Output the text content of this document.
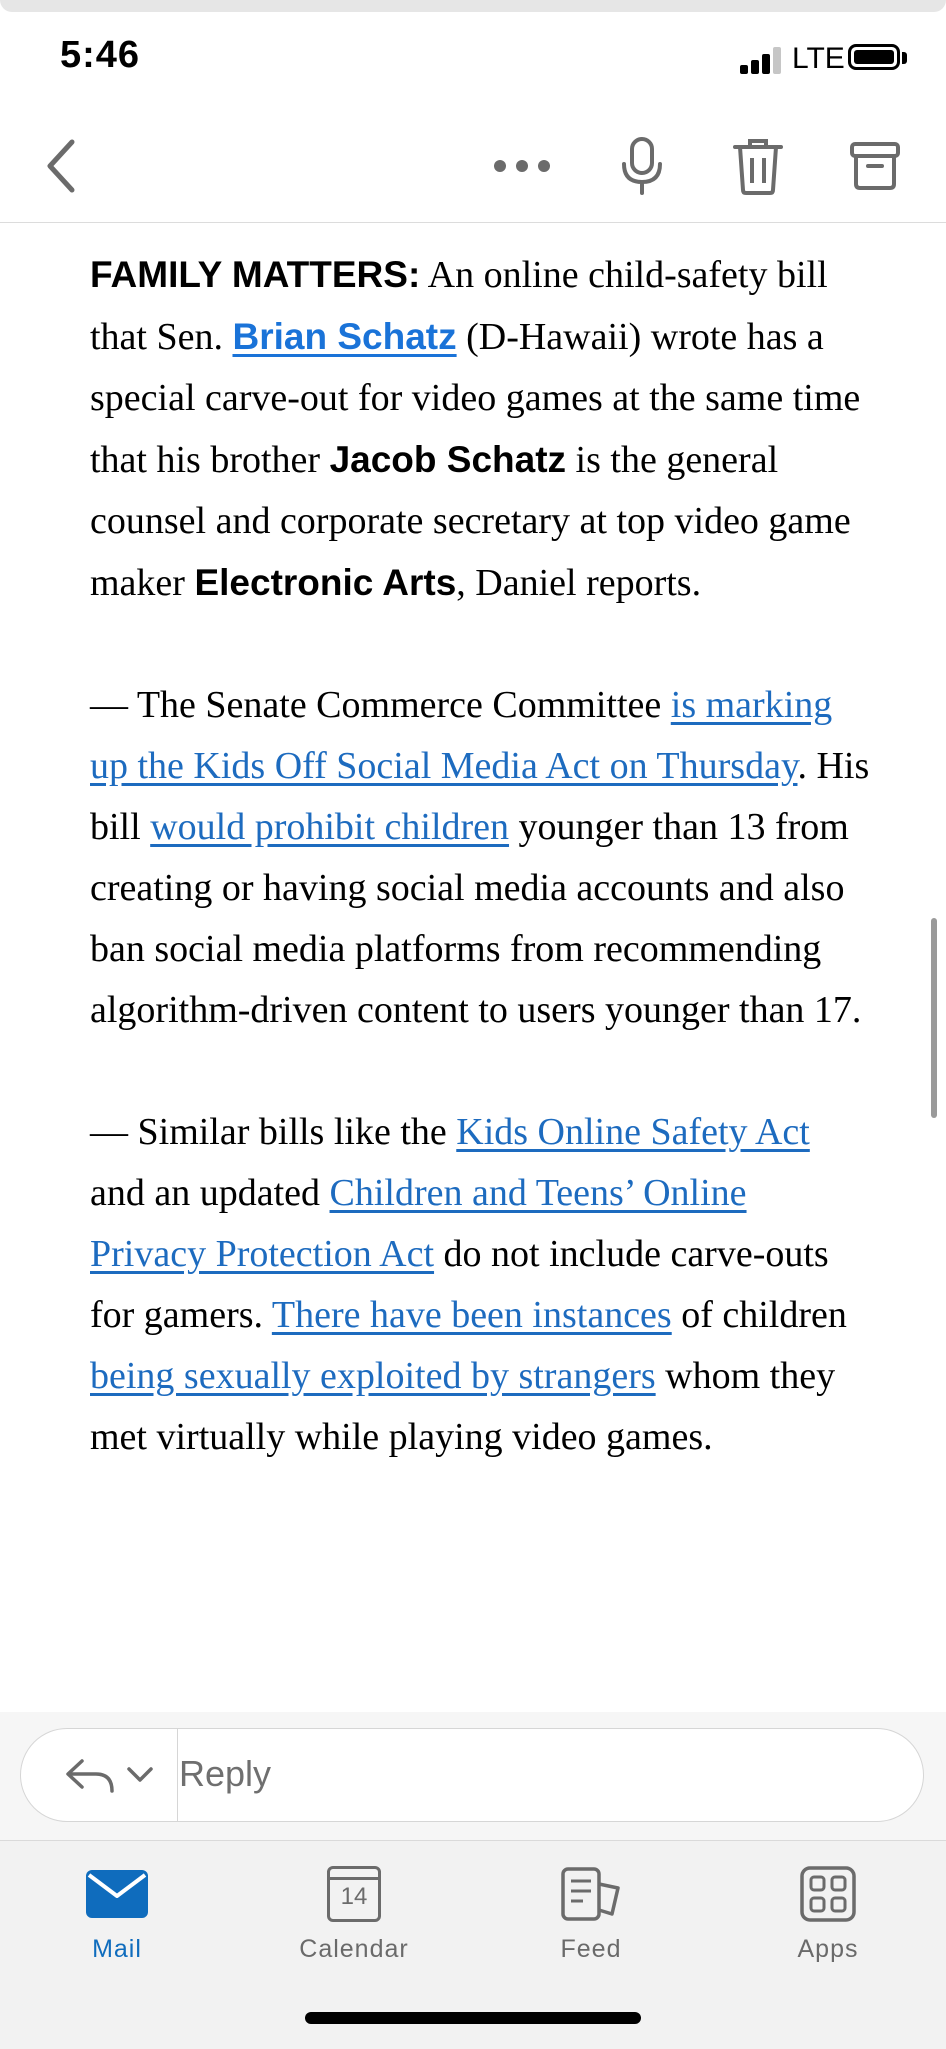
5:46	LTE

FAMILY MATTERS: An online child-safety bill that Sen. Brian Schatz (D-Hawaii) wrote has a special carve-out for video games at the same time that his brother Jacob Schatz is the general counsel and corporate secretary at top video game maker Electronic Arts, Daniel reports.

— The Senate Commerce Committee is marking up the Kids Off Social Media Act on Thursday. His bill would prohibit children younger than 13 from creating or having social media accounts and also ban social media platforms from recommending algorithm-driven content to users younger than 17.

— Similar bills like the Kids Online Safety Act and an updated Children and Teens’ Online Privacy Protection Act do not include carve-outs for gamers. There have been instances of children being sexually exploited by strangers whom they met virtually while playing video games.

Reply
Mail
14
Calendar	Feed	Apps
